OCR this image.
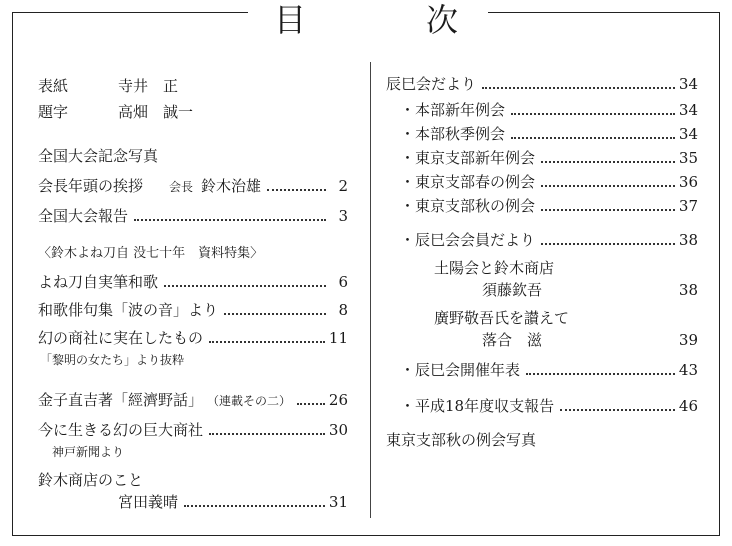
目	次
表紙	寺井　正
題字	高畑　誠一
全国大会記念写真
会長年頭の挨拶 会長 鈴木治雄	2
全国大会報告	3
〈鈴木よね刀自 没七十年　資料特集〉
よね刀自実筆和歌	6
和歌俳句集「波の音」より	8
幻の商社に実在したもの	11
「黎明の女たち」より抜粋
金子直吉著「經濟野話」 （連載その二）	26
今に生きる幻の巨大商社	30
神戸新聞より
鈴木商店のこと
宮田義晴	31
辰巳会だより	34
・本部新年例会	34
・本部秋季例会	34
・東京支部新年例会	35
・東京支部春の例会	36
・東京支部秋の例会	37
・辰巳会会員だより	38
土陽会と鈴木商店
須藤欽吾	38
廣野敬吾氏を讃えて
落合　滋	39
・辰巳会開催年表	43
・平成18年度収支報告	46
東京支部秋の例会写真
